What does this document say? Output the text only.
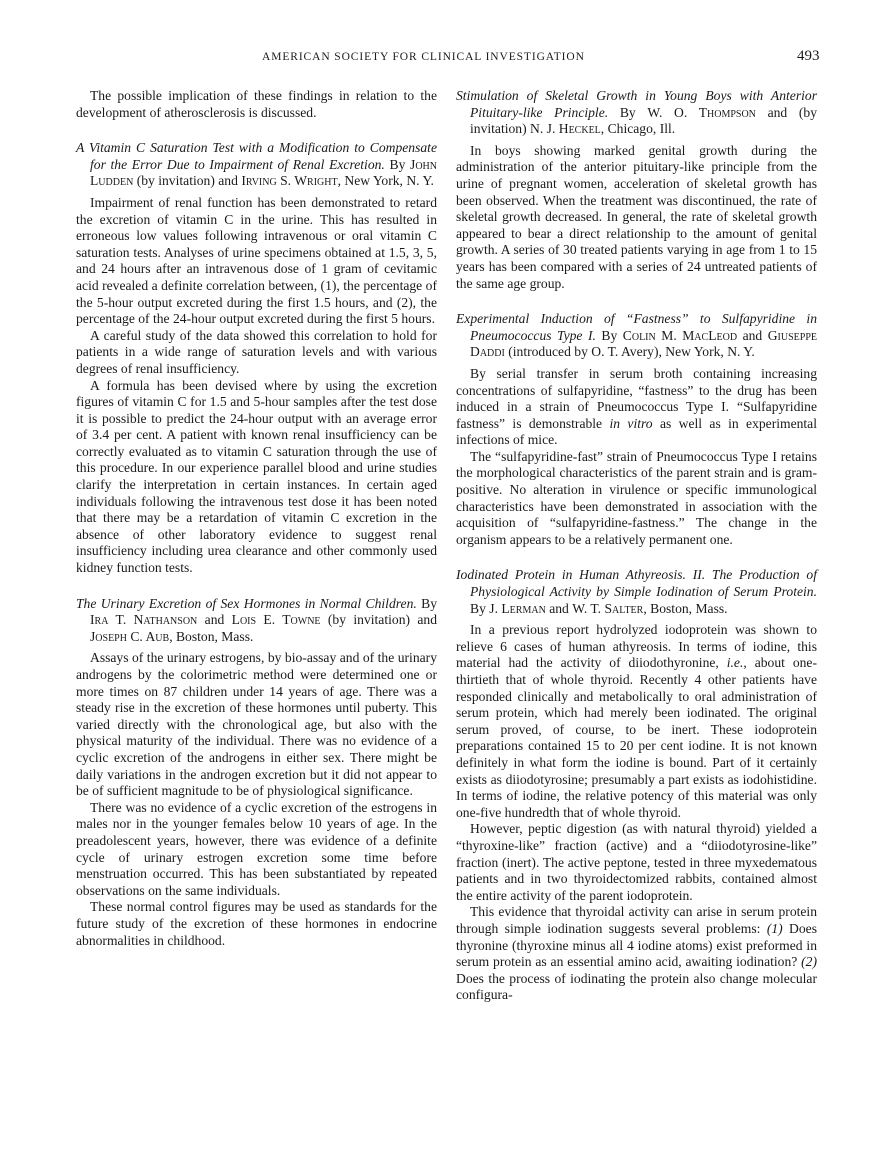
AMERICAN SOCIETY FOR CLINICAL INVESTIGATION	493

The possible implication of these findings in relation to the development of atherosclerosis is discussed.

A Vitamin C Saturation Test with a Modification to Compensate for the Error Due to Impairment of Renal Excretion. By John Ludden (by invitation) and Irving S. Wright, New York, N. Y.

Impairment of renal function has been demonstrated to retard the excretion of vitamin C in the urine. This has resulted in erroneous low values following intravenous or oral vitamin C saturation tests. Analyses of urine specimens obtained at 1.5, 3, 5, and 24 hours after an intravenous dose of 1 gram of cevitamic acid revealed a definite correlation between, (1), the percentage of the 5-hour output excreted during the first 1.5 hours, and (2), the percentage of the 24-hour output excreted during the first 5 hours.

A careful study of the data showed this correlation to hold for patients in a wide range of saturation levels and with various degrees of renal insufficiency.

A formula has been devised where by using the excretion figures of vitamin C for 1.5 and 5-hour samples after the test dose it is possible to predict the 24-hour output with an average error of 3.4 per cent. A patient with known renal insufficiency can be correctly evaluated as to vitamin C saturation through the use of this procedure. In our experience parallel blood and urine studies clarify the interpretation in certain instances. In certain aged individuals following the intravenous test dose it has been noted that there may be a retardation of vitamin C excretion in the absence of other laboratory evidence to suggest renal insufficiency including urea clearance and other commonly used kidney function tests.

The Urinary Excretion of Sex Hormones in Normal Children. By Ira T. Nathanson and Lois E. Towne (by invitation) and Joseph C. Aub, Boston, Mass.

Assays of the urinary estrogens, by bio-assay and of the urinary androgens by the colorimetric method were determined one or more times on 87 children under 14 years of age. There was a steady rise in the excretion of these hormones until puberty. This varied directly with the chronological age, but also with the physical maturity of the individual. There was no evidence of a cyclic excretion of the androgens in either sex. There might be daily variations in the androgen excretion but it did not appear to be of sufficient magnitude to be of physiological significance.

There was no evidence of a cyclic excretion of the estrogens in males nor in the younger females below 10 years of age. In the preadolescent years, however, there was evidence of a definite cycle of urinary estrogen excretion some time before menstruation occurred. This has been substantiated by repeated observations on the same individuals.

These normal control figures may be used as standards for the future study of the excretion of these hormones in endocrine abnormalities in childhood.

Stimulation of Skeletal Growth in Young Boys with Anterior Pituitary-like Principle. By W. O. Thompson and (by invitation) N. J. Heckel, Chicago, Ill.

In boys showing marked genital growth during the administration of the anterior pituitary-like principle from the urine of pregnant women, acceleration of skeletal growth has been observed. When the treatment was discontinued, the rate of skeletal growth decreased. In general, the rate of skeletal growth appeared to bear a direct relationship to the amount of genital growth. A series of 30 treated patients varying in age from 1 to 15 years has been compared with a series of 24 untreated patients of the same age group.

Experimental Induction of “Fastness” to Sulfapyridine in Pneumococcus Type I. By Colin M. MacLeod and Giuseppe Daddi (introduced by O. T. Avery), New York, N. Y.

By serial transfer in serum broth containing increasing concentrations of sulfapyridine, “fastness” to the drug has been induced in a strain of Pneumococcus Type I. “Sulfapyridine fastness” is demonstrable in vitro as well as in experimental infections of mice.

The “sulfapyridine-fast” strain of Pneumococcus Type I retains the morphological characteristics of the parent strain and is gram-positive. No alteration in virulence or specific immunological characteristics have been demonstrated in association with the acquisition of “sulfapyridine-fastness.” The change in the organism appears to be a relatively permanent one.

Iodinated Protein in Human Athyreosis. II. The Production of Physiological Activity by Simple Iodination of Serum Protein. By J. Lerman and W. T. Salter, Boston, Mass.

In a previous report hydrolyzed iodoprotein was shown to relieve 6 cases of human athyreosis. In terms of iodine, this material had the activity of diiodothyronine, i.e., about one-thirtieth that of whole thyroid. Recently 4 other patients have responded clinically and metabolically to oral administration of serum protein, which had merely been iodinated. The original serum proved, of course, to be inert. These iodoprotein preparations contained 15 to 20 per cent iodine. It is not known definitely in what form the iodine is bound. Part of it certainly exists as diiodotyrosine; presumably a part exists as iodohistidine. In terms of iodine, the relative potency of this material was only one-five hundredth that of whole thyroid.

However, peptic digestion (as with natural thyroid) yielded a “thyroxine-like” fraction (active) and a “diiodotyrosine-like” fraction (inert). The active peptone, tested in three myxedematous patients and in two thyroidectomized rabbits, contained almost the entire activity of the parent iodoprotein.

This evidence that thyroidal activity can arise in serum protein through simple iodination suggests several problems: (1) Does thyronine (thyroxine minus all 4 iodine atoms) exist preformed in serum protein as an essential amino acid, awaiting iodination? (2) Does the process of iodinating the protein also change molecular configura-
